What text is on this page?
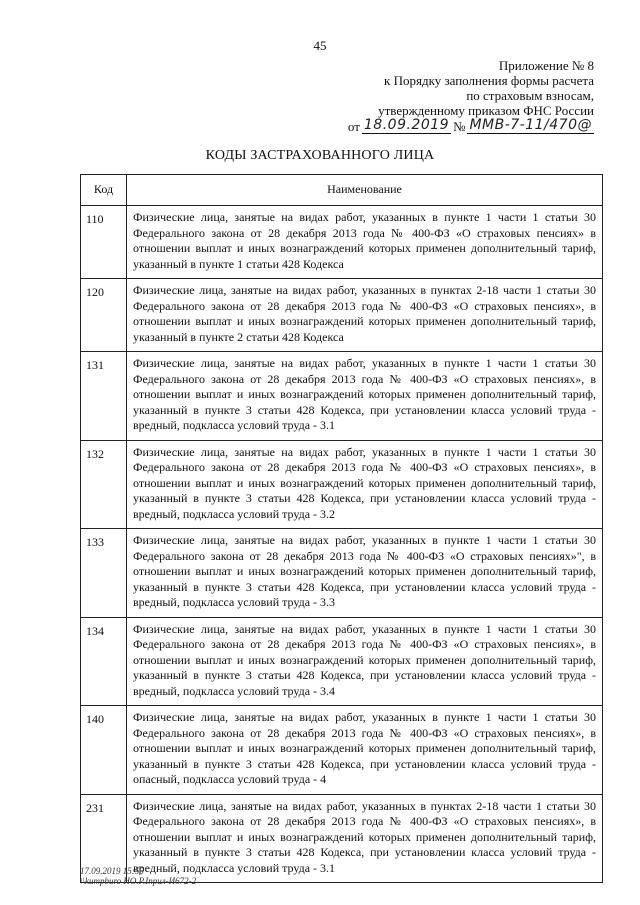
45
Приложение № 8
к Порядку заполнения формы расчета
по страховым взносам,
утвержденному приказом ФНС России
от 18.09.2019 № ММВ-7-11/470@
КОДЫ ЗАСТРАХОВАННОГО ЛИЦА
Код	Наименование
110	Физические лица, занятые на видах работ, указанных в пункте 1 части 1 статьи 30 Федерального закона от 28 декабря 2013 года № 400-ФЗ «О страховых пенсиях» в отношении выплат и иных вознаграждений которых применен дополнительный тариф, указанный в пункте 1 статьи 428 Кодекса
120	Физические лица, занятые на видах работ, указанных в пунктах 2-18 части 1 статьи 30 Федерального закона от 28 декабря 2013 года № 400-ФЗ «О страховых пенсиях», в отношении выплат и иных вознаграждений которых применен дополнительный тариф, указанный в пункте 2 статьи 428 Кодекса
131	Физические лица, занятые на видах работ, указанных в пункте 1 части 1 статьи 30 Федерального закона от 28 декабря 2013 года № 400-ФЗ «О страховых пенсиях», в отношении выплат и иных вознаграждений которых применен дополнительный тариф, указанный в пункте 3 статьи 428 Кодекса, при установлении класса условий труда - вредный, подкласса условий труда - 3.1
132	Физические лица, занятые на видах работ, указанных в пункте 1 части 1 статьи 30 Федерального закона от 28 декабря 2013 года № 400-ФЗ «О страховых пенсиях», в отношении выплат и иных вознаграждений которых применен дополнительный тариф, указанный в пункте 3 статьи 428 Кодекса, при установлении класса условий труда - вредный, подкласса условий труда - 3.2
133	Физические лица, занятые на видах работ, указанных в пункте 1 части 1 статьи 30 Федерального закона от 28 декабря 2013 года № 400-ФЗ «О страховых пенсиях»", в отношении выплат и иных вознаграждений которых применен дополнительный тариф, указанный в пункте 3 статьи 428 Кодекса, при установлении класса условий труда - вредный, подкласса условий труда - 3.3
134	Физические лица, занятые на видах работ, указанных в пункте 1 части 1 статьи 30 Федерального закона от 28 декабря 2013 года № 400-ФЗ «О страховых пенсиях», в отношении выплат и иных вознаграждений которых применен дополнительный тариф, указанный в пункте 3 статьи 428 Кодекса, при установлении класса условий труда - вредный, подкласса условий труда - 3.4
140	Физические лица, занятые на видах работ, указанных в пункте 1 части 1 статьи 30 Федерального закона от 28 декабря 2013 года № 400-ФЗ «О страховых пенсиях», в отношении выплат и иных вознаграждений которых применен дополнительный тариф, указанный в пункте 3 статьи 428 Кодекса, при установлении класса условий труда - опасный, подкласса условий труда - 4
231	Физические лица, занятые на видах работ, указанных в пунктах 2-18 части 1 статьи 30 Федерального закона от 28 декабря 2013 года № 400-ФЗ «О страховых пенсиях», в отношении выплат и иных вознаграждений которых применен дополнительный тариф, указанный в пункте 3 статьи 428 Кодекса, при установлении класса условий труда - вредный, подкласса условий труда - 3.1
17.09.2019 15:55
\\kumpburo НО.P.Iприл-И672-2
